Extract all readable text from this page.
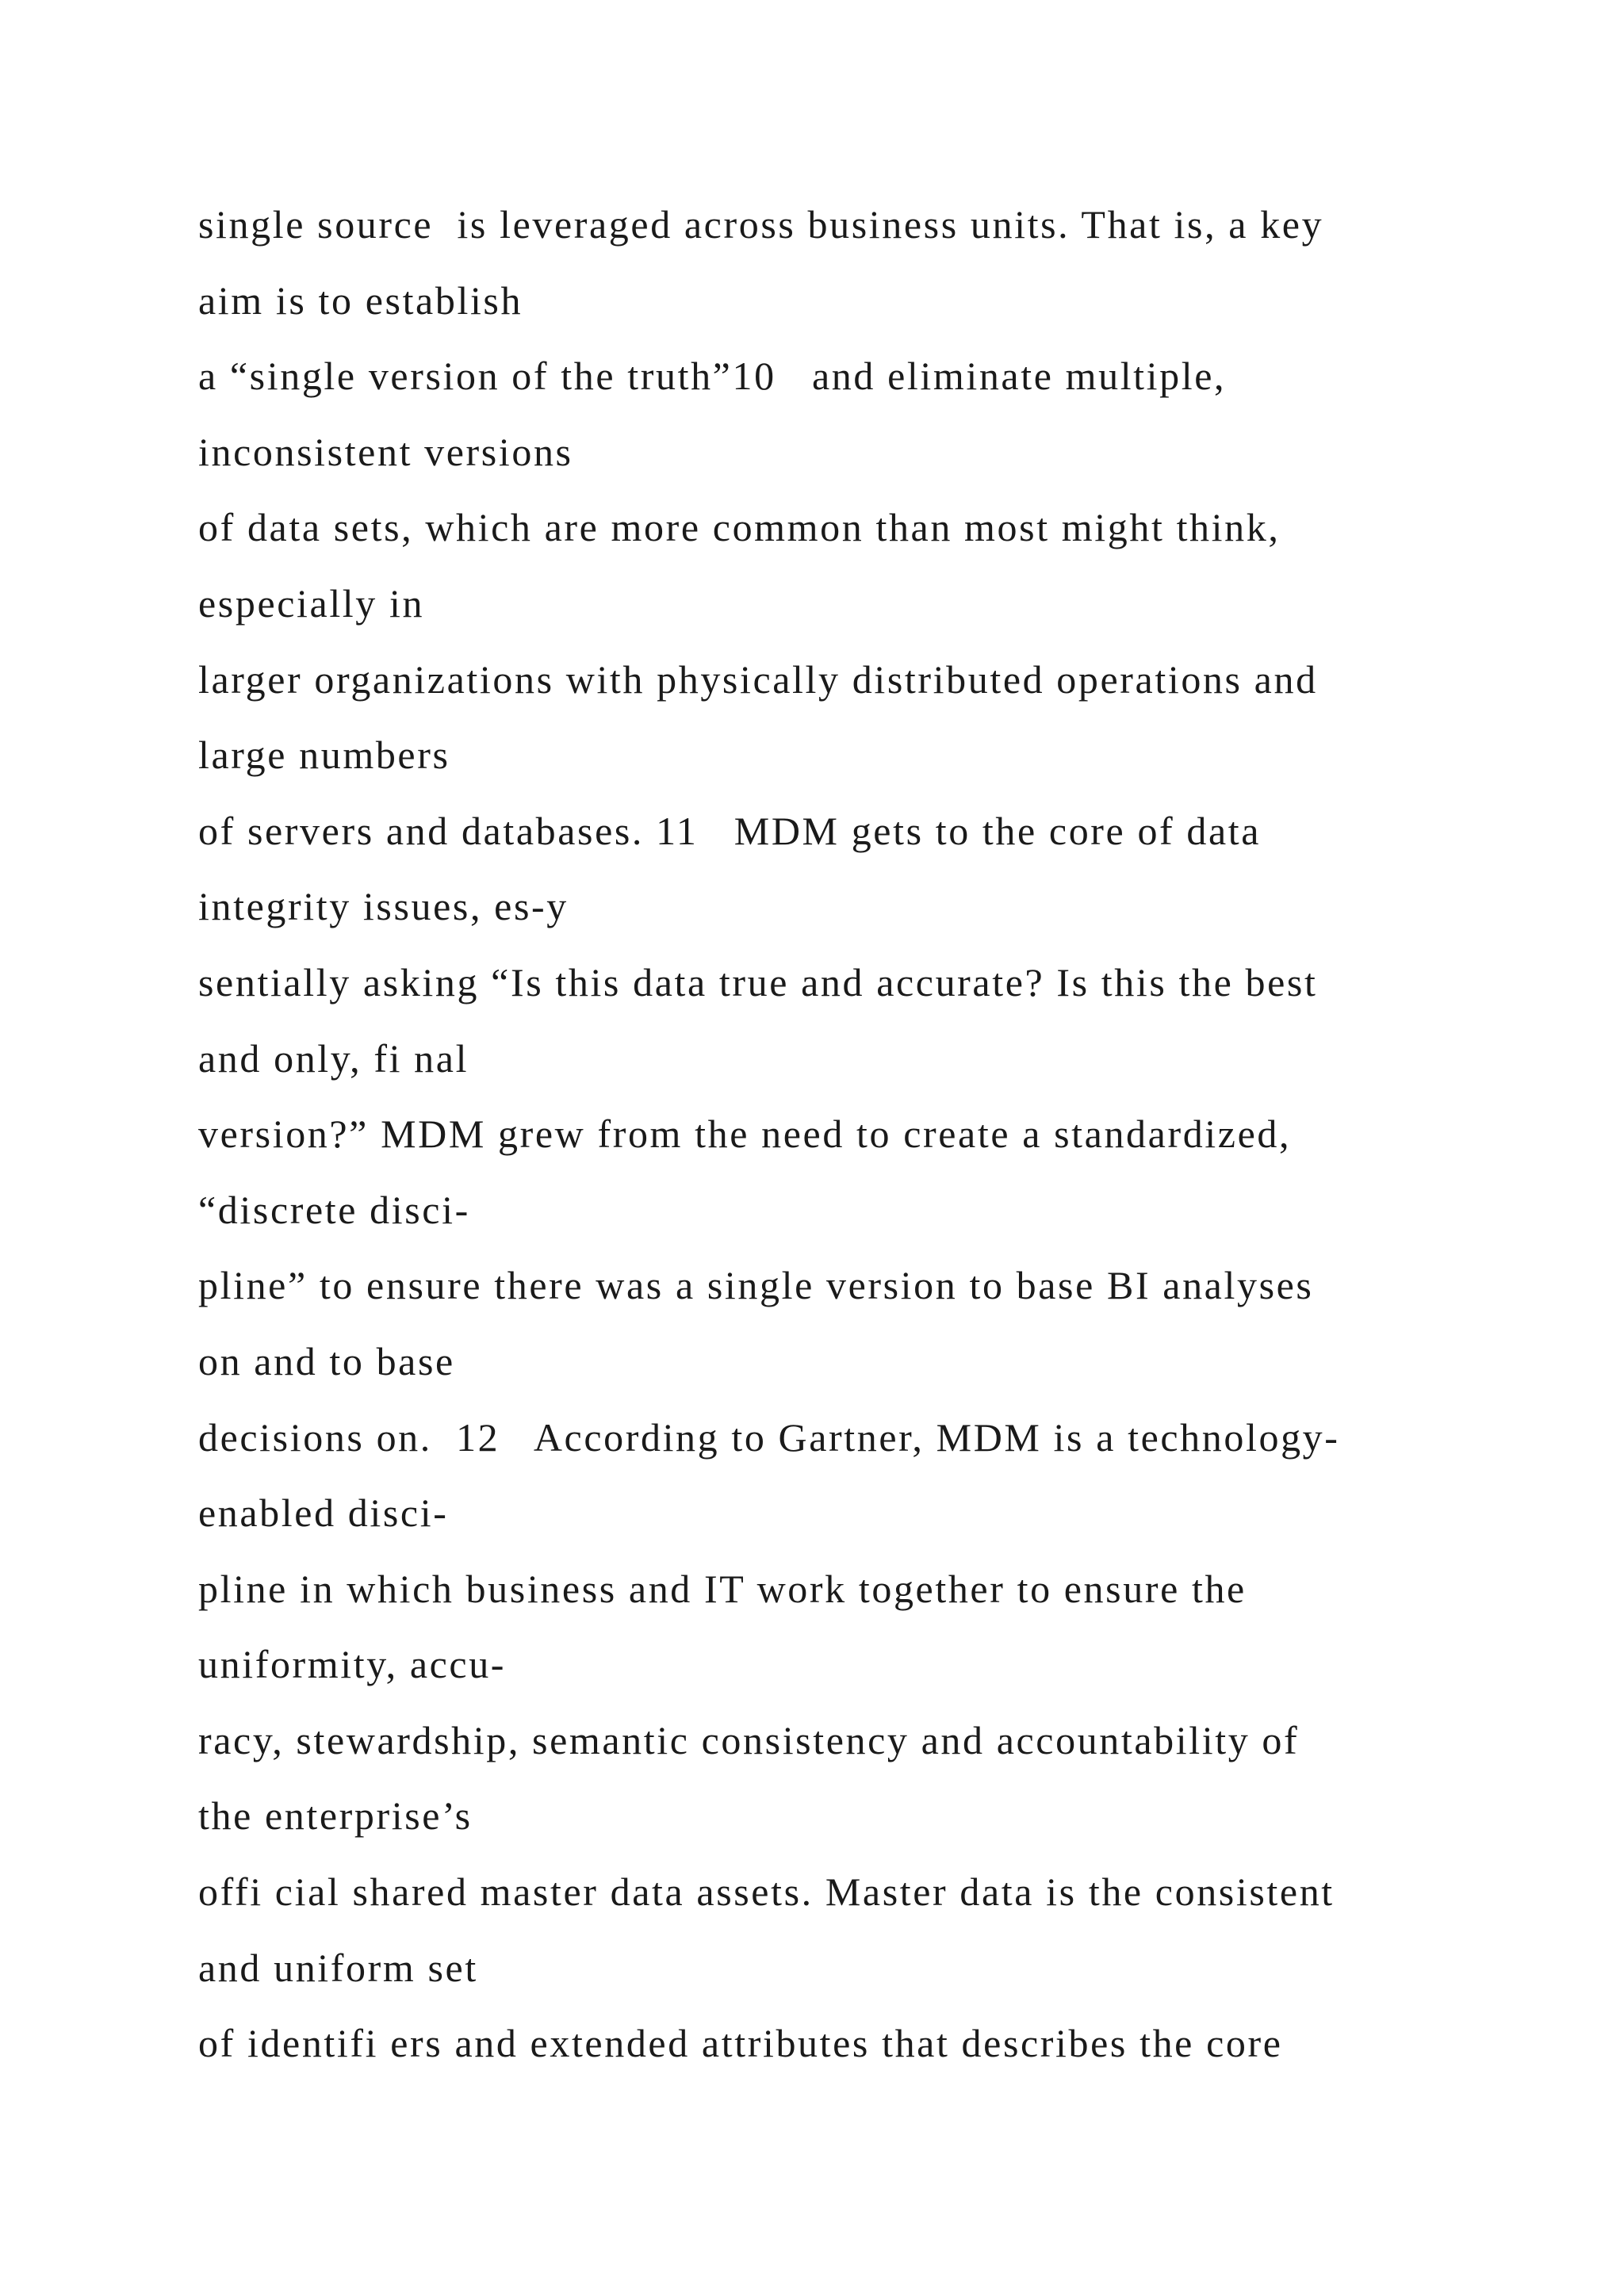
single source  is leveraged across business units. That is, a key
aim is to establish
a “single version of the truth”10   and eliminate multiple,
inconsistent versions
of data sets, which are more common than most might think,
especially in
larger organizations with physically distributed operations and
large numbers
of servers and databases. 11   MDM gets to the core of data
integrity issues, es-y
sentially asking “Is this data true and accurate? Is this the best
and only, fi nal
version?” MDM grew from the need to create a standardized,
“discrete disci-
pline” to ensure there was a single version to base BI analyses
on and to base
decisions on.  12   According to Gartner, MDM is a technology-
enabled disci-
pline in which business and IT work together to ensure the
uniformity, accu-
racy, stewardship, semantic consistency and accountability of
the enterprise’s
offi cial shared master data assets. Master data is the consistent
and uniform set
of identifi ers and extended attributes that describes the core
